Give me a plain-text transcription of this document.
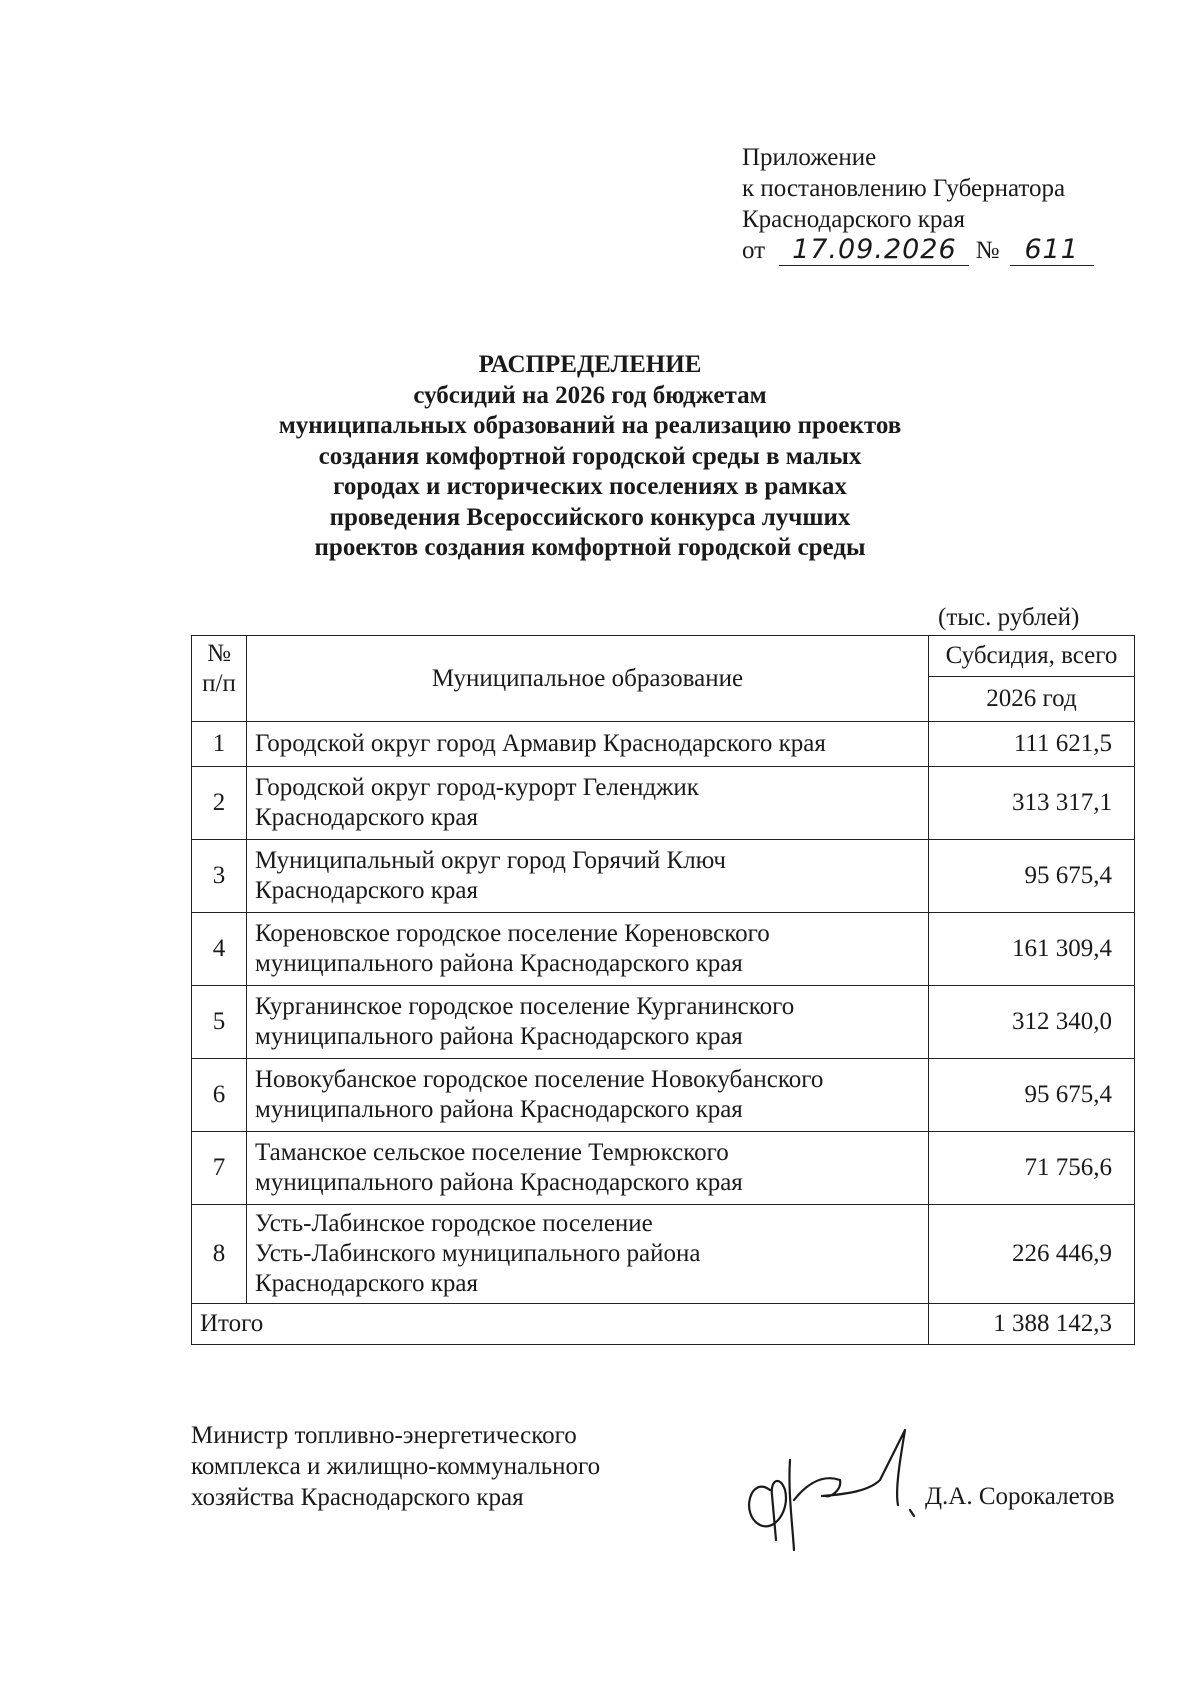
Приложение
к постановлению Губернатора
Краснодарского края
от 17.09.2026 № 611
РАСПРЕДЕЛЕНИЕ
субсидий на 2026 год бюджетам
муниципальных образований на реализацию проектов
создания комфортной городской среды в малых
городах и исторических поселениях в рамках
проведения Всероссийского конкурса лучших
проектов создания комфортной городской среды
(тыс. рублей)
№
п/п	Муниципальное образование	Субсидия, всего
		2026 год
1	Городской округ город Армавир Краснодарского края	111 621,5
2	Городской округ город-курорт Геленджик
Краснодарского края	313 317,1
3	Муниципальный округ город Горячий Ключ
Краснодарского края	95 675,4
4	Кореновское городское поселение Кореновского
муниципального района Краснодарского края	161 309,4
5	Курганинское городское поселение Курганинского
муниципального района Краснодарского края	312 340,0
6	Новокубанское городское поселение Новокубанского
муниципального района Краснодарского края	95 675,4
7	Таманское сельское поселение Темрюкского
муниципального района Краснодарского края	71 756,6
8	Усть-Лабинское городское поселение
Усть-Лабинского муниципального района
Краснодарского края	226 446,9
Итого		1 388 142,3
Министр топливно-энергетического
комплекса и жилищно-коммунального
хозяйства Краснодарского края	Д.А. Сорокалетов
